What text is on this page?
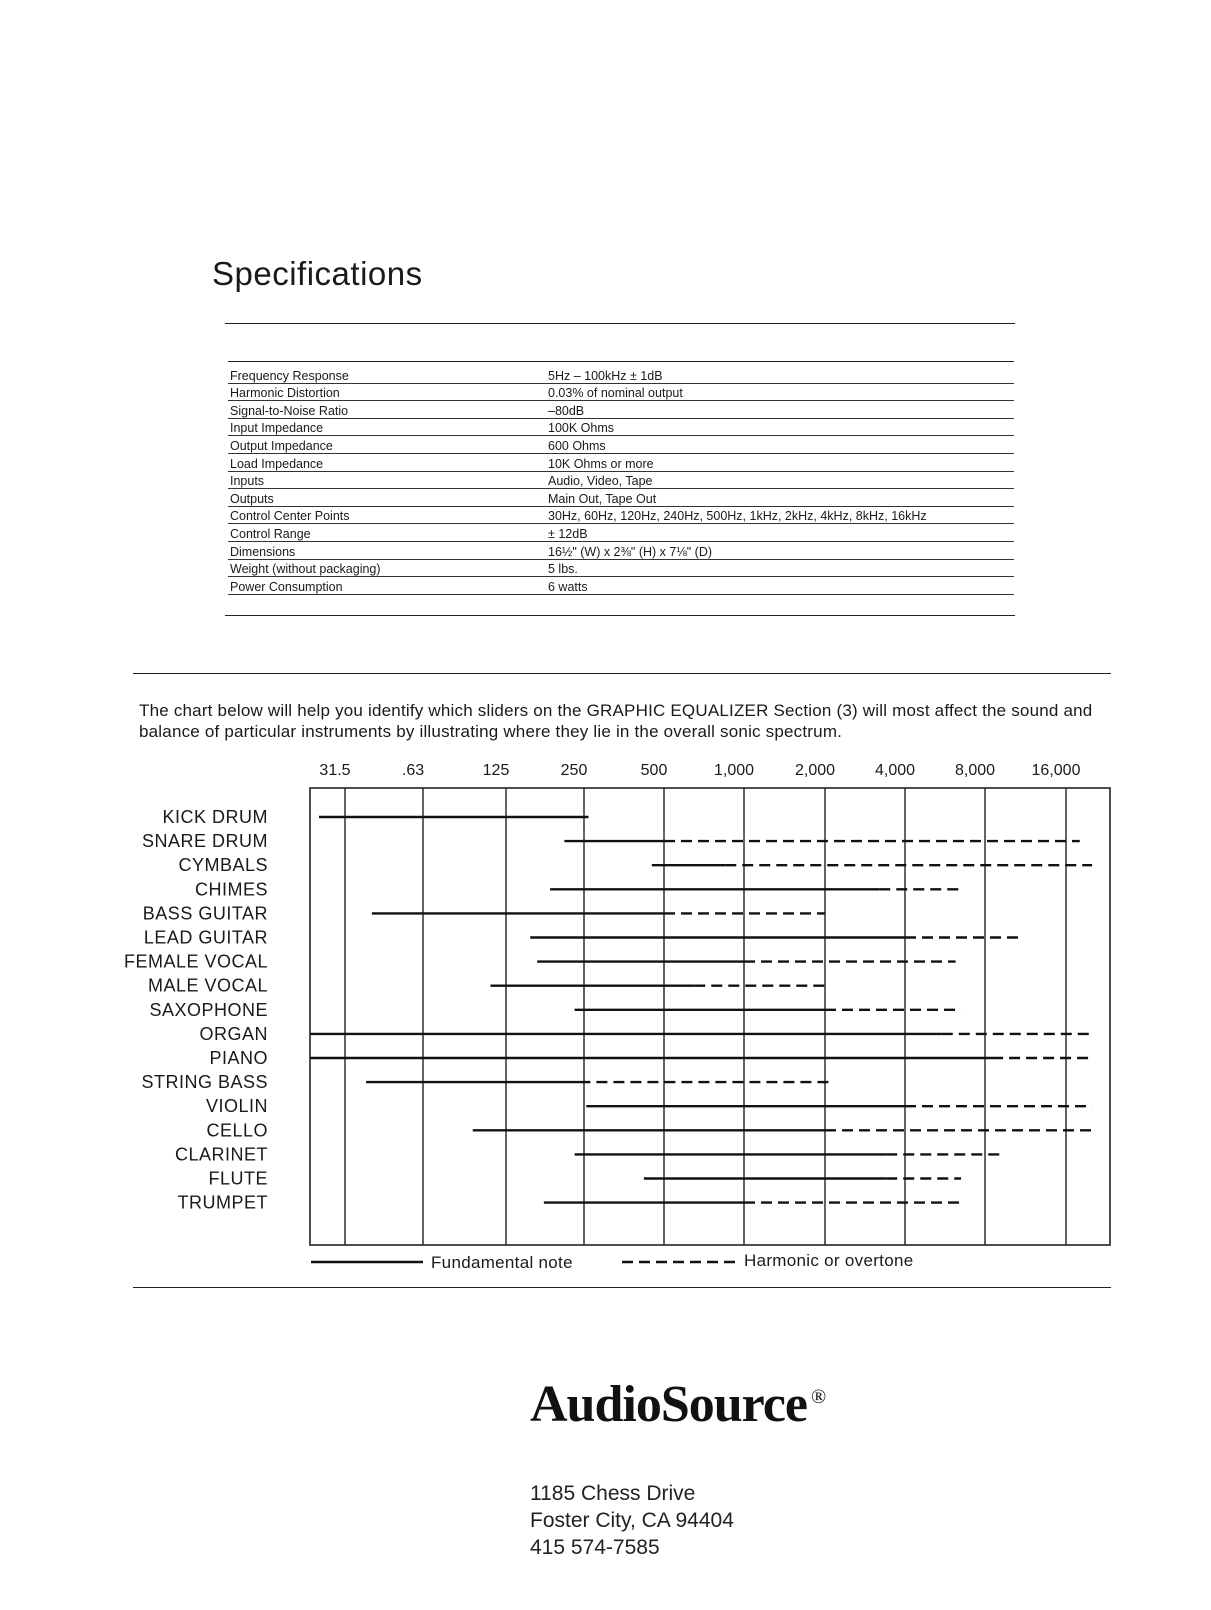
Specifications
Frequency Response	5Hz – 100kHz ± 1dB
Harmonic Distortion	0.03% of nominal output
Signal-to-Noise Ratio	–80dB
Input Impedance	100K Ohms
Output Impedance	600 Ohms
Load Impedance	10K Ohms or more
Inputs	Audio, Video, Tape
Outputs	Main Out, Tape Out
Control Center Points	30Hz, 60Hz, 120Hz, 240Hz, 500Hz, 1kHz, 2kHz, 4kHz, 8kHz, 16kHz
Control Range	± 12dB
Dimensions	16½" (W) x 2⅜" (H) x 7⅛" (D)
Weight (without packaging)	5 lbs.
Power Consumption	6 watts
The chart below will help you identify which sliders on the GRAPHIC EQUALIZER Section (3) will most affect the sound and balance of particular instruments by illustrating where they lie in the overall sonic spectrum.
31.5	.63	125	250	500	1,000	2,000 4,000 8,000 16,000
KICK DRUM
SNARE DRUM
CYMBALS
CHIMES
BASS GUITAR
LEAD GUITAR
FEMALE VOCAL
MALE VOCAL
SAXOPHONE
ORGAN
PIANO
STRING BASS
VIOLIN
CELLO
CLARINET
FLUTE
TRUMPET
Fundamental note	Harmonic or overtone
AudioSource ®
1185 Chess Drive
Foster City, CA 94404
415 574-7585
